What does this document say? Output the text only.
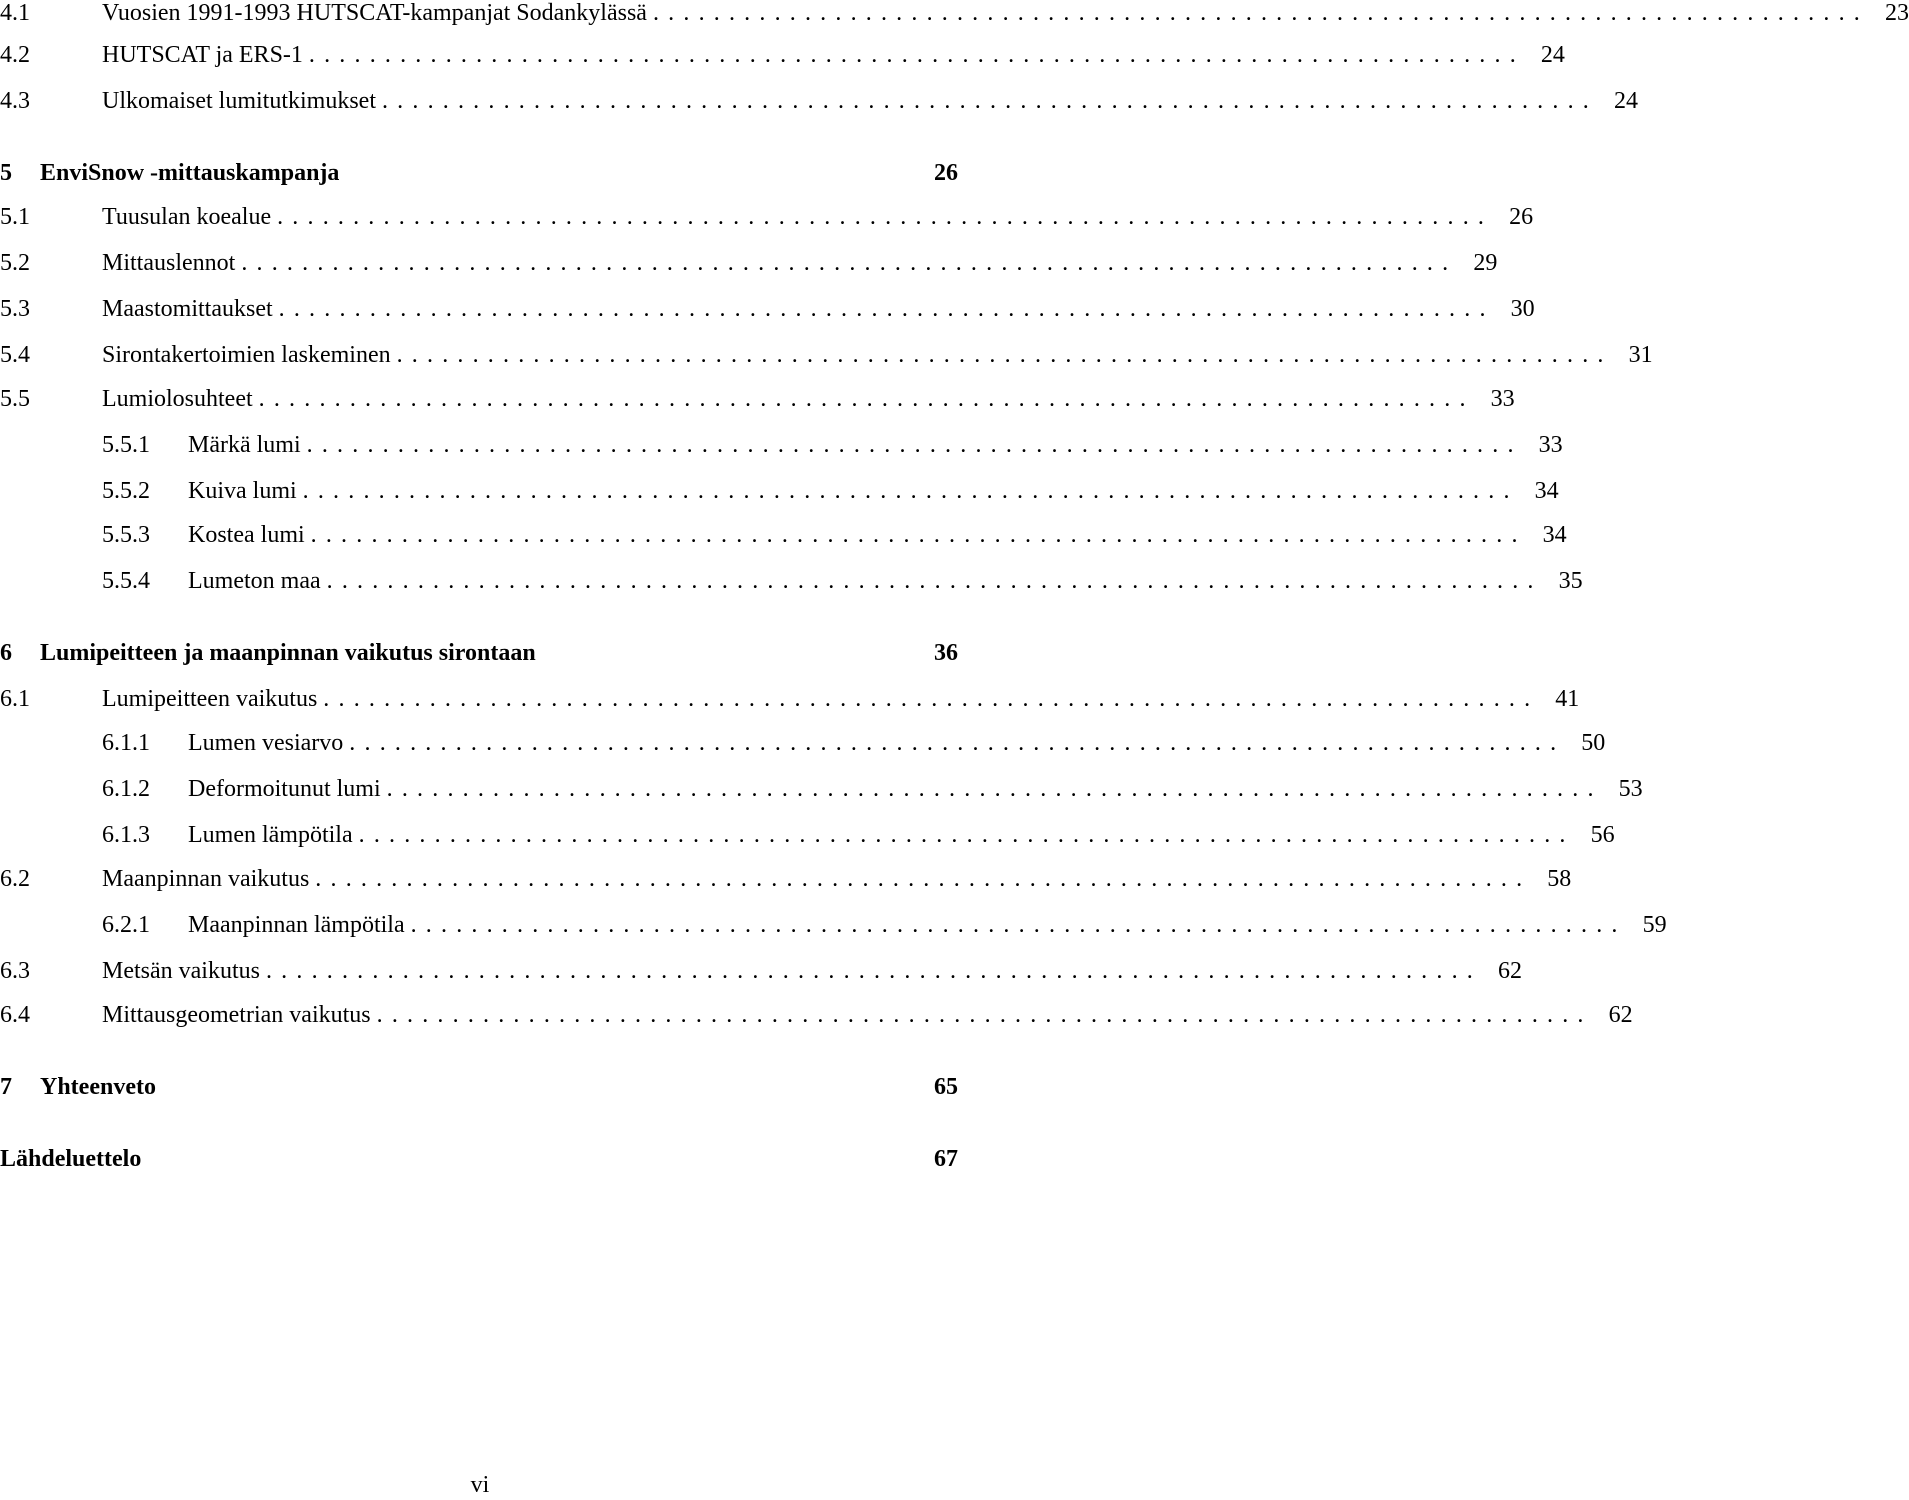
4.1	Vuosien 1991-1993 HUTSCAT-kampanjat Sodankylässä ................................................................................ 23
4.2	HUTSCAT ja ERS-1 ................................................................................ 24
4.3	Ulkomaiset lumitutkimukset ................................................................................ 24
5	EnviSnow -mittauskampanja	26
5.1	Tuusulan koealue ................................................................................ 26
5.2	Mittauslennot ................................................................................ 29
5.3	Maastomittaukset ................................................................................ 30
5.4	Sirontakertoimien laskeminen ................................................................................ 31
5.5	Lumiolosuhteet ................................................................................ 33
5.5.1	Märkä lumi ................................................................................ 33
5.5.2	Kuiva lumi ................................................................................ 34
5.5.3	Kostea lumi ................................................................................ 34
5.5.4	Lumeton maa ................................................................................ 35
6	Lumipeitteen ja maanpinnan vaikutus sirontaan	36
6.1	Lumipeitteen vaikutus ................................................................................ 41
6.1.1	Lumen vesiarvo ................................................................................ 50
6.1.2	Deformoitunut lumi ................................................................................ 53
6.1.3	Lumen lämpötila ................................................................................ 56
6.2	Maanpinnan vaikutus ................................................................................ 58
6.2.1	Maanpinnan lämpötila ................................................................................ 59
6.3	Metsän vaikutus ................................................................................ 62
6.4	Mittausgeometrian vaikutus ................................................................................ 62
7	Yhteenveto	65
Lähdeluettelo	67
vi
